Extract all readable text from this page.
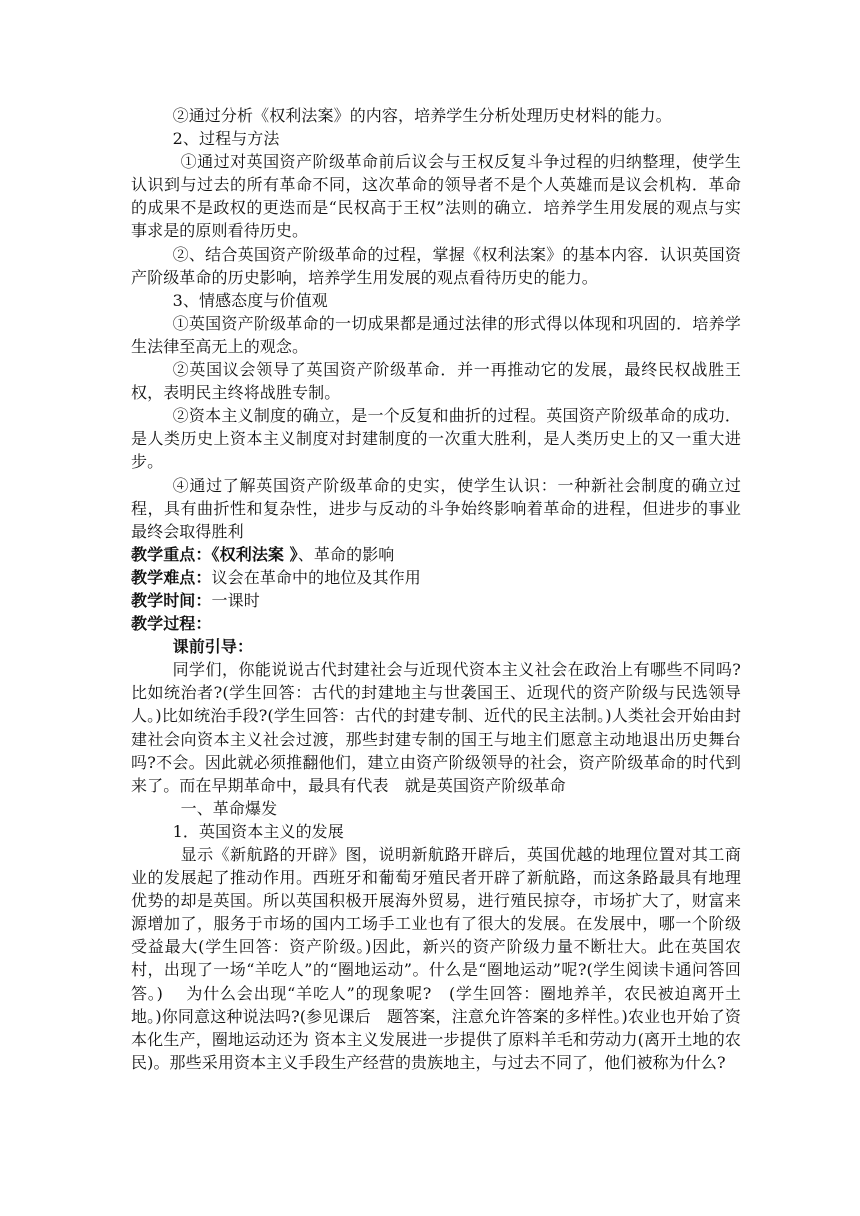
②通过分析《权利法案》的内容，培养学生分析处理历史材料的能力。

2、过程与方法

①通过对英国资产阶级革命前后议会与王权反复斗争过程的归纳整理，使学生认识到与过去的所有革命不同，这次革命的领导者不是个人英雄而是议会机构．革命的成果不是政权的更迭而是“民权高于王权”法则的确立．培养学生用发展的观点与实事求是的原则看待历史。

②、结合英国资产阶级革命的过程，掌握《权利法案》的基本内容．认识英国资产阶级革命的历史影响，培养学生用发展的观点看待历史的能力。

3、情感态度与价值观

①英国资产阶级革命的一切成果都是通过法律的形式得以体现和巩固的．培养学生法律至高无上的观念。

②英国议会领导了英国资产阶级革命．并一再推动它的发展，最终民权战胜王权，表明民主终将战胜专制。

②资本主义制度的确立，是一个反复和曲折的过程。英国资产阶级革命的成功．是人类历史上资本主义制度对封建制度的一次重大胜利，是人类历史上的又一重大进步。

④通过了解英国资产阶级革命的史实，使学生认识：一种新社会制度的确立过程，具有曲折性和复杂性，进步与反动的斗争始终影响着革命的进程，但进步的事业最终会取得胜利

教学重点：《权利法案 》、革命的影响

教学难点：议会在革命中的地位及其作用

教学时间：一课时

教学过程：

课前引导：

同学们，你能说说古代封建社会与近现代资本主义社会在政治上有哪些不同吗?比如统治者?(学生回答：古代的封建地主与世袭国王、近现代的资产阶级与民选领导人。)比如统治手段?(学生回答：古代的封建专制、近代的民主法制。)人类社会开始由封建社会向资本主义社会过渡，那些封建专制的国王与地主们愿意主动地退出历史舞台吗?不会。因此就必须推翻他们，建立由资产阶级领导的社会，资产阶级革命的时代到来了。而在早期革命中，最具有代表　就是英国资产阶级革命

一、革命爆发

1．英国资本主义的发展

显示《新航路的开辟》图，说明新航路开辟后，英国优越的地理位置对其工商业的发展起了推动作用。西班牙和葡萄牙殖民者开辟了新航路，而这条路最具有地理优势的却是英国。所以英国积极开展海外贸易，进行殖民掠夺，市场扩大了，财富来源增加了，服务于市场的国内工场手工业也有了很大的发展。在发展中，哪一个阶级受益最大(学生回答：资产阶级。)因此，新兴的资产阶级力量不断壮大。此在英国农村，出现了一场“羊吃人”的“圈地运动”。什么是“圈地运动”呢?(学生阅读卡通问答回答。)　 为什么会出现“羊吃人”的现象呢?　(学生回答：圈地养羊，农民被迫离开土地。)你同意这种说法吗?(参见课后　题答案，注意允许答案的多样性。)农业也开始了资本化生产，圈地运动还为 资本主义发展进一步提供了原料羊毛和劳动力(离开土地的农民)。那些采用资本主义手段生产经营的贵族地主，与过去不同了，他们被称为什么?
